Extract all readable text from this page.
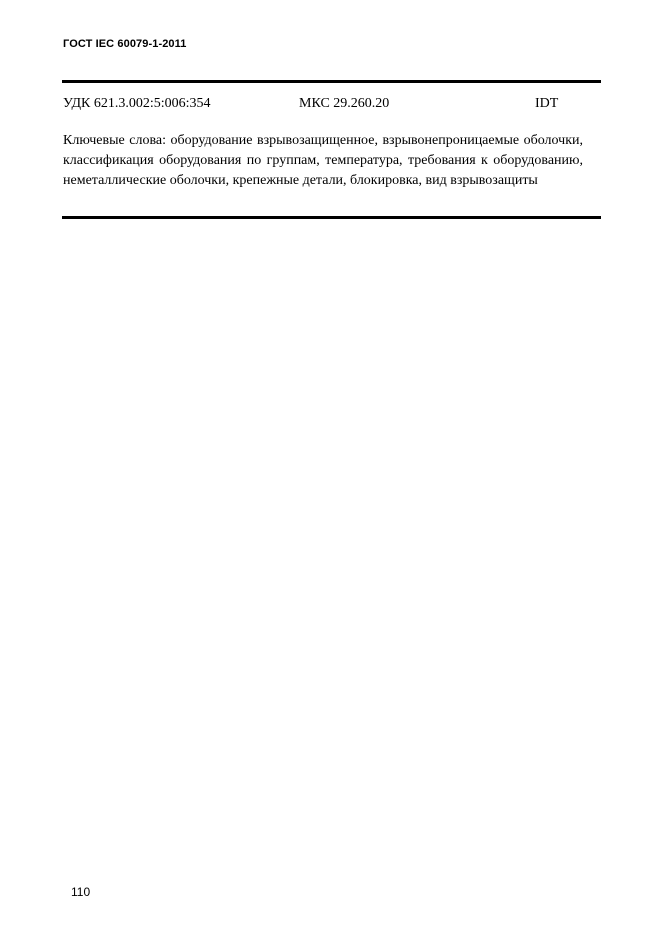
ГОСТ IEC 60079-1-2011
УДК 621.3.002:5:006:354	МКС 29.260.20	IDT
Ключевые слова: оборудование взрывозащищенное, взрывонепроницаемые оболочки, классификация оборудования по группам, температура, требования к оборудованию, неметаллические оболочки, крепежные детали, блокировка, вид взрывозащиты
110
